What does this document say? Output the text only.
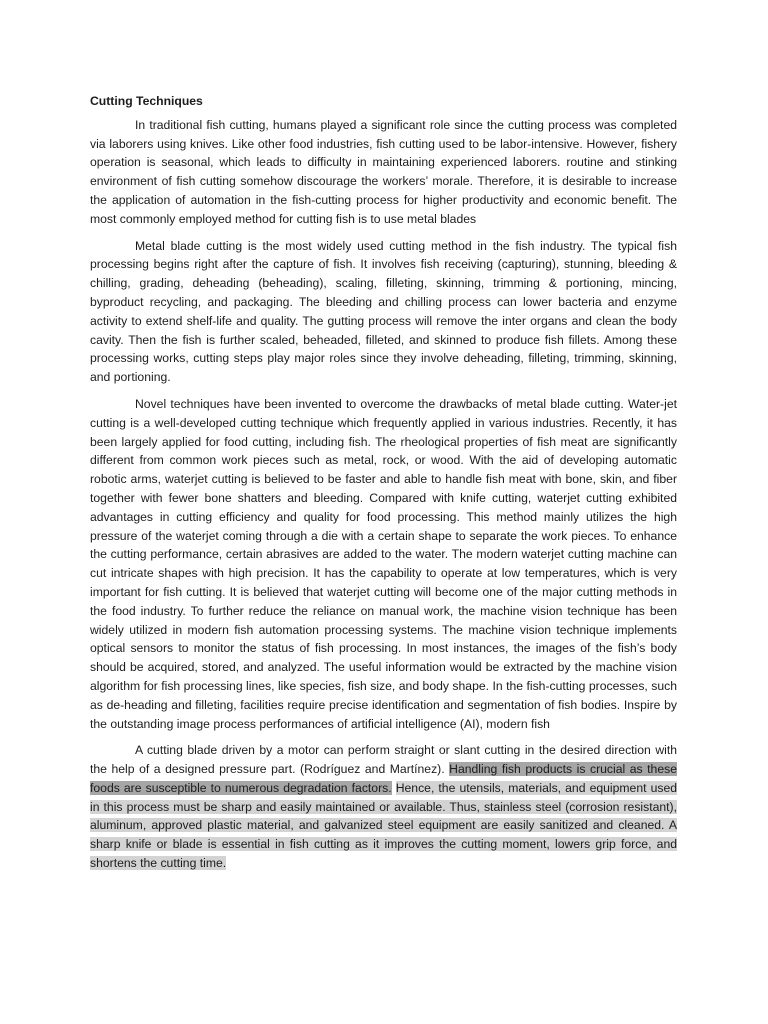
Cutting Techniques

In traditional fish cutting, humans played a significant role since the cutting process was completed via laborers using knives. Like other food industries, fish cutting used to be labor-intensive. However, fishery operation is seasonal, which leads to difficulty in maintaining experienced laborers. routine and stinking environment of fish cutting somehow discourage the workers’ morale. Therefore, it is desirable to increase the application of automation in the fish-cutting process for higher productivity and economic benefit. The most commonly employed method for cutting fish is to use metal blades

Metal blade cutting is the most widely used cutting method in the fish industry. The typical fish processing begins right after the capture of fish. It involves fish receiving (capturing), stunning, bleeding & chilling, grading, deheading (beheading), scaling, filleting, skinning, trimming & portioning, mincing, byproduct recycling, and packaging. The bleeding and chilling process can lower bacteria and enzyme activity to extend shelf-life and quality. The gutting process will remove the inter organs and clean the body cavity. Then the fish is further scaled, beheaded, filleted, and skinned to produce fish fillets. Among these processing works, cutting steps play major roles since they involve deheading, filleting, trimming, skinning, and portioning.

Novel techniques have been invented to overcome the drawbacks of metal blade cutting. Water-jet cutting is a well-developed cutting technique which frequently applied in various industries. Recently, it has been largely applied for food cutting, including fish. The rheological properties of fish meat are significantly different from common work pieces such as metal, rock, or wood. With the aid of developing automatic robotic arms, waterjet cutting is believed to be faster and able to handle fish meat with bone, skin, and fiber together with fewer bone shatters and bleeding. Compared with knife cutting, waterjet cutting exhibited advantages in cutting efficiency and quality for food processing. This method mainly utilizes the high pressure of the waterjet coming through a die with a certain shape to separate the work pieces. To enhance the cutting performance, certain abrasives are added to the water. The modern waterjet cutting machine can cut intricate shapes with high precision. It has the capability to operate at low temperatures, which is very important for fish cutting. It is believed that waterjet cutting will become one of the major cutting methods in the food industry. To further reduce the reliance on manual work, the machine vision technique has been widely utilized in modern fish automation processing systems. The machine vision technique implements optical sensors to monitor the status of fish processing. In most instances, the images of the fish’s body should be acquired, stored, and analyzed. The useful information would be extracted by the machine vision algorithm for fish processing lines, like species, fish size, and body shape. In the fish-cutting processes, such as de-heading and filleting, facilities require precise identification and segmentation of fish bodies. Inspire by the outstanding image process performances of artificial intelligence (AI), modern fish

A cutting blade driven by a motor can perform straight or slant cutting in the desired direction with the help of a designed pressure part. (Rodríguez and Martínez). Handling fish products is crucial as these foods are susceptible to numerous degradation factors. Hence, the utensils, materials, and equipment used in this process must be sharp and easily maintained or available. Thus, stainless steel (corrosion resistant), aluminum, approved plastic material, and galvanized steel equipment are easily sanitized and cleaned. A sharp knife or blade is essential in fish cutting as it improves the cutting moment, lowers grip force, and shortens the cutting time.
